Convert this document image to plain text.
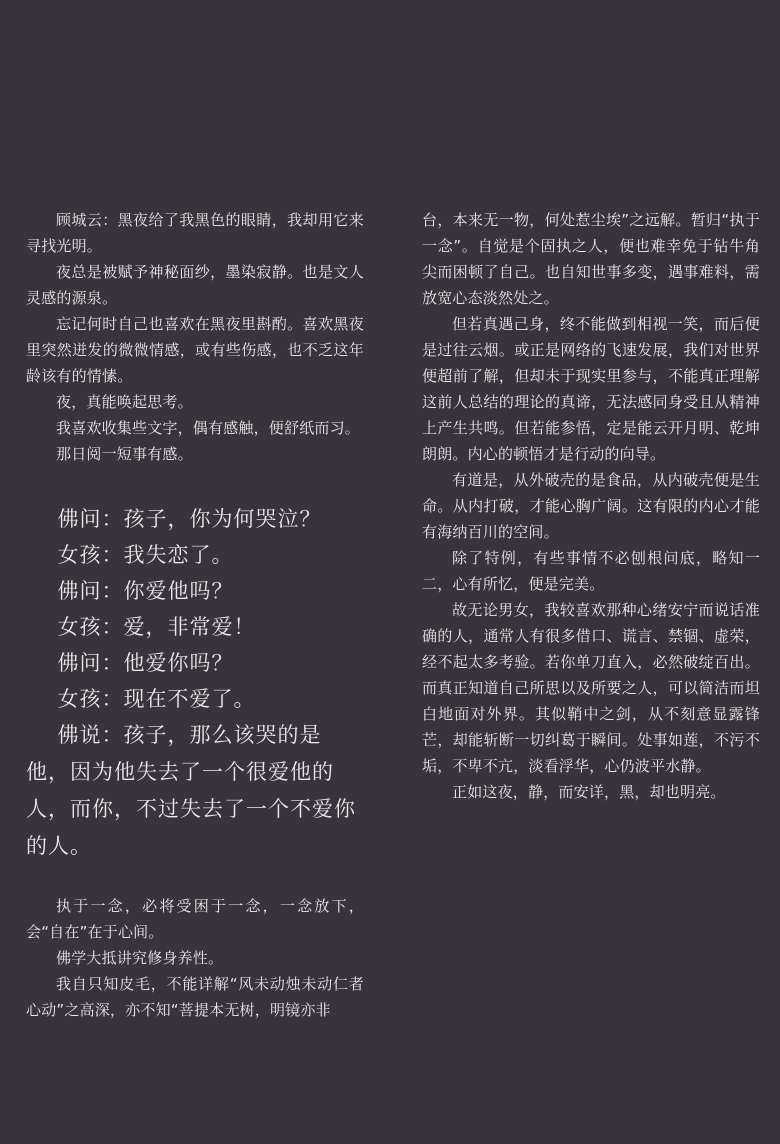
顾城云：黑夜给了我黑色的眼睛，我却用它来寻找光明。

夜总是被赋予神秘面纱，墨染寂静。也是文人灵感的源泉。

忘记何时自己也喜欢在黑夜里斟酌。喜欢黑夜里突然迸发的微微情感，或有些伤感，也不乏这年龄该有的情愫。

夜，真能唤起思考。

我喜欢收集些文字，偶有感触，便舒纸而习。

那日阅一短事有感。

佛问：孩子，你为何哭泣？

女孩：我失恋了。

佛问：你爱他吗？

女孩：爱，非常爱！

佛问：他爱你吗？

女孩：现在不爱了。

佛说：孩子，那么该哭的是他，因为他失去了一个很爱他的人，而你，不过失去了一个不爱你的人。

执于一念，必将受困于一念，一念放下，会“自在”在于心间。

佛学大抵讲究修身养性。

我自只知皮毛，不能详解“风未动烛未动仁者心动”之高深，亦不知“菩提本无树，明镜亦非

台，本来无一物，何处惹尘埃”之远解。暂归“执于一念”。自觉是个固执之人，便也难幸免于钻牛角尖而困顿了自己。也自知世事多变，遇事难料，需放宽心态淡然处之。

但若真遇己身，终不能做到相视一笑，而后便是过往云烟。或正是网络的飞速发展，我们对世界便超前了解，但却未于现实里参与，不能真正理解这前人总结的理论的真谛，无法感同身受且从精神上产生共鸣。但若能参悟，定是能云开月明、乾坤朗朗。内心的顿悟才是行动的向导。

有道是，从外破壳的是食品，从内破壳便是生命。从内打破，才能心胸广阔。这有限的内心才能有海纳百川的空间。

除了特例，有些事情不必刨根问底，略知一二，心有所忆，便是完美。

故无论男女，我较喜欢那种心绪安宁而说话准确的人，通常人有很多借口、谎言、禁锢、虚荣，经不起太多考验。若你单刀直入，必然破绽百出。而真正知道自己所思以及所要之人，可以简洁而坦白地面对外界。其似鞘中之剑，从不刻意显露锋芒，却能斩断一切纠葛于瞬间。处事如莲，不污不垢，不卑不亢，淡看浮华，心仍波平水静。

正如这夜，静，而安详，黑，却也明亮。
